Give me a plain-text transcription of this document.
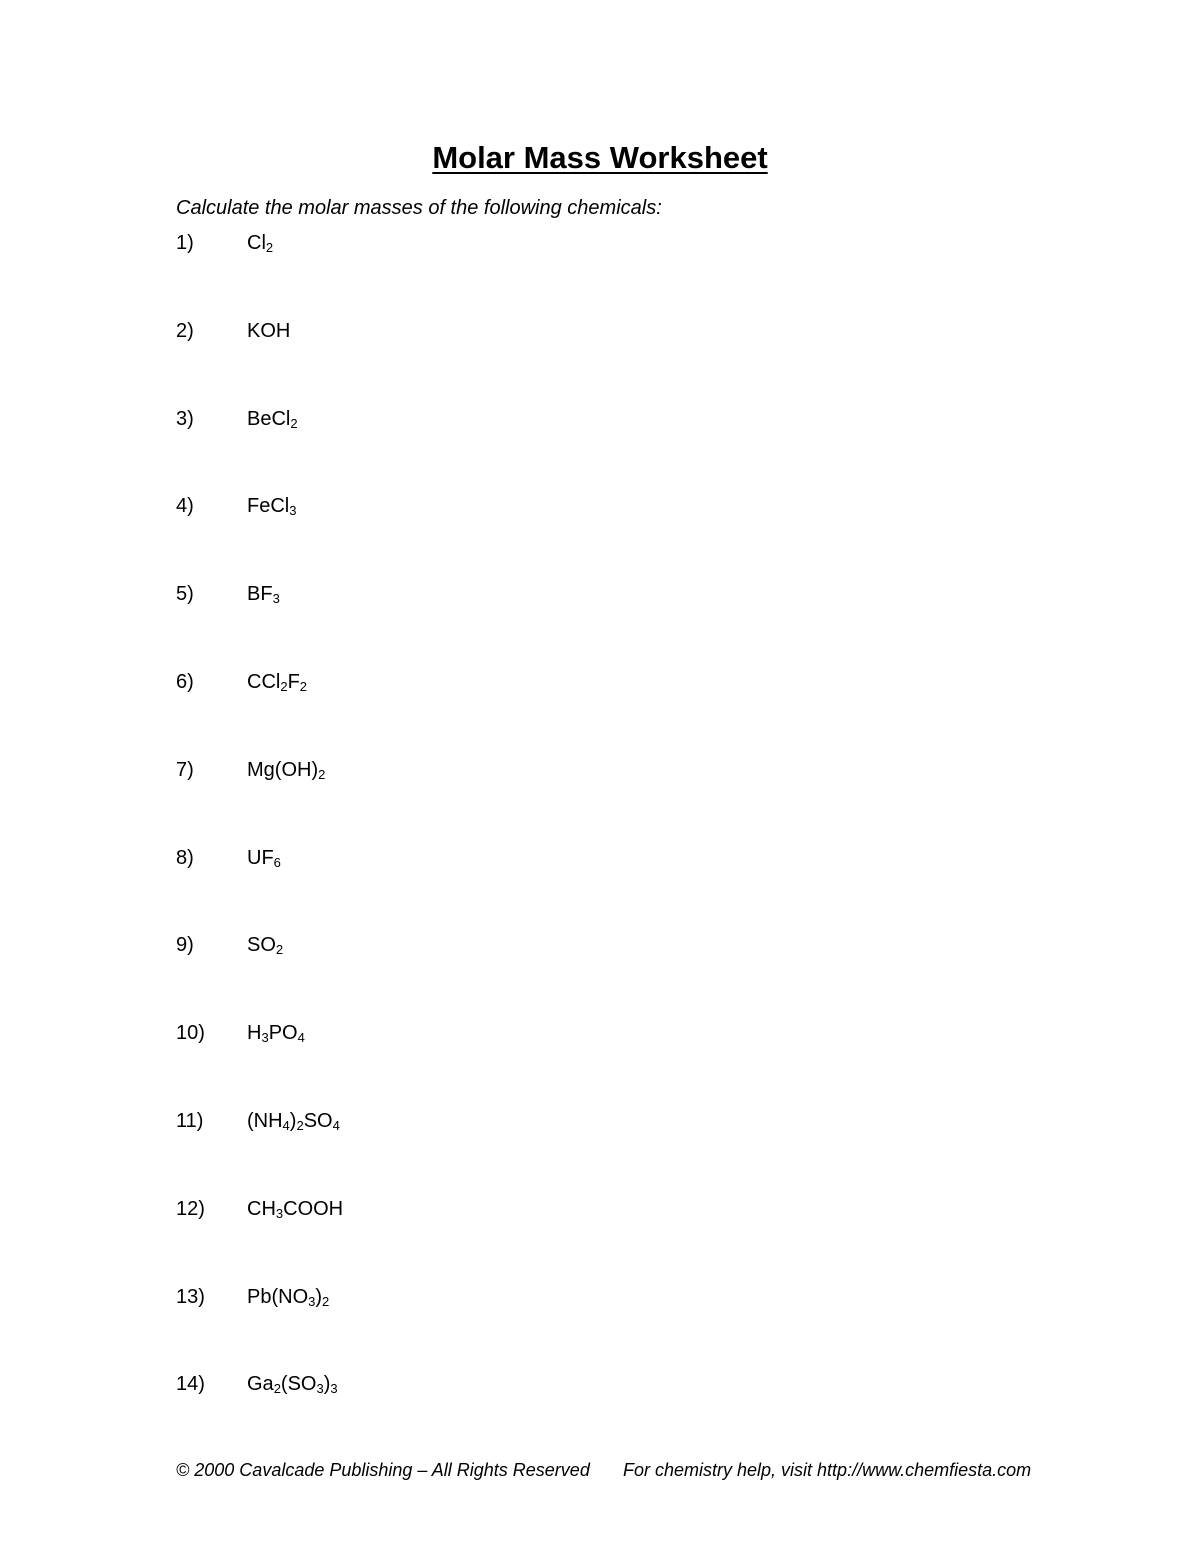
Molar Mass Worksheet
Calculate the molar masses of the following chemicals:
1)	$Cl_2$
2)	KOH
3)	BeCl$_2$
4)	FeCl$_3$
5)	$BF_3$
6)	$CCl_2F_2$
7)	$Mg(OH)_2$
8)	$UF_6$
9)	$SO_2$
10) $H_3PO_4$
11) $(NH_4)_2SO_4$
12) $CH_3COOH$
13) $Pb(NO_3)_2$
14) $Ga_2(SO_3)_3$
© 2000 Cavalcade Publishing – All Rights Reserved For chemistry help, visit http://www.chemfiesta.com
